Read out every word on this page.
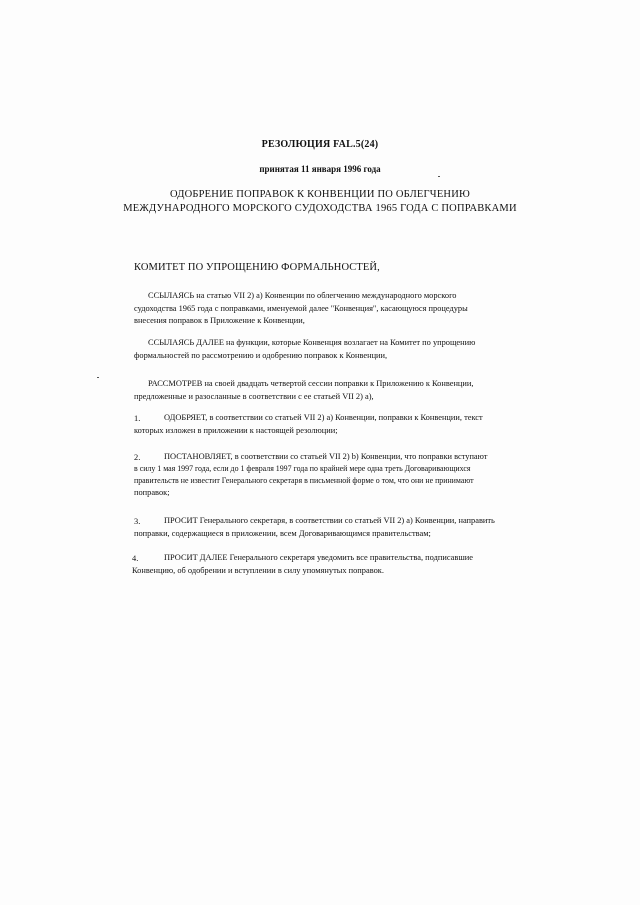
РЕЗОЛЮЦИЯ FAL.5(24)
принятая 11 января 1996 года
ОДОБРЕНИЕ ПОПРАВОК К КОНВЕНЦИИ ПО ОБЛЕГЧЕНИЮ
МЕЖДУНАРОДНОГО МОРСКОГО СУДОХОДСТВА 1965 ГОДА С ПОПРАВКАМИ
КОМИТЕТ ПО УПРОЩЕНИЮ ФОРМАЛЬНОСТЕЙ,
ССЫЛАЯСЬ на статью VII 2) а) Конвенции по облегчению международного морского
судоходства 1965 года с поправками, именуемой далее "Конвенция", касающуюся процедуры
внесения поправок в Приложение к Конвенции,
ССЫЛАЯСЬ ДАЛЕЕ на функции, которые Конвенция возлагает на Комитет по упрощению
формальностей по рассмотрению и одобрению поправок к Конвенции,
РАССМОТРЕВ на своей двадцать четвертой сессии поправки к Приложению к Конвенции,
предложенные и разосланные в соответствии с ее статьей VII 2) а),
1.	ОДОБРЯЕТ, в соответствии со статьей VII 2) а) Конвенции, поправки к Конвенции, текст
которых изложен в приложении к настоящей резолюции;
2.	ПОСТАНОВЛЯЕТ, в соответствии со статьей VII 2) b) Конвенции, что поправки вступают
в силу 1 мая 1997 года, если до 1 февраля 1997 года по крайней мере одна треть Договаривающихся
правительств не известит Генерального секретаря в письменной форме о том, что они не принимают
поправок;
3.	ПРОСИТ Генерального секретаря, в соответствии со статьей VII 2) а) Конвенции, направить
поправки, содержащиеся в приложении, всем Договаривающимся правительствам;
4.	ПРОСИТ ДАЛЕЕ Генерального секретаря уведомить все правительства, подписавшие
Конвенцию, об одобрении и вступлении в силу упомянутых поправок.
